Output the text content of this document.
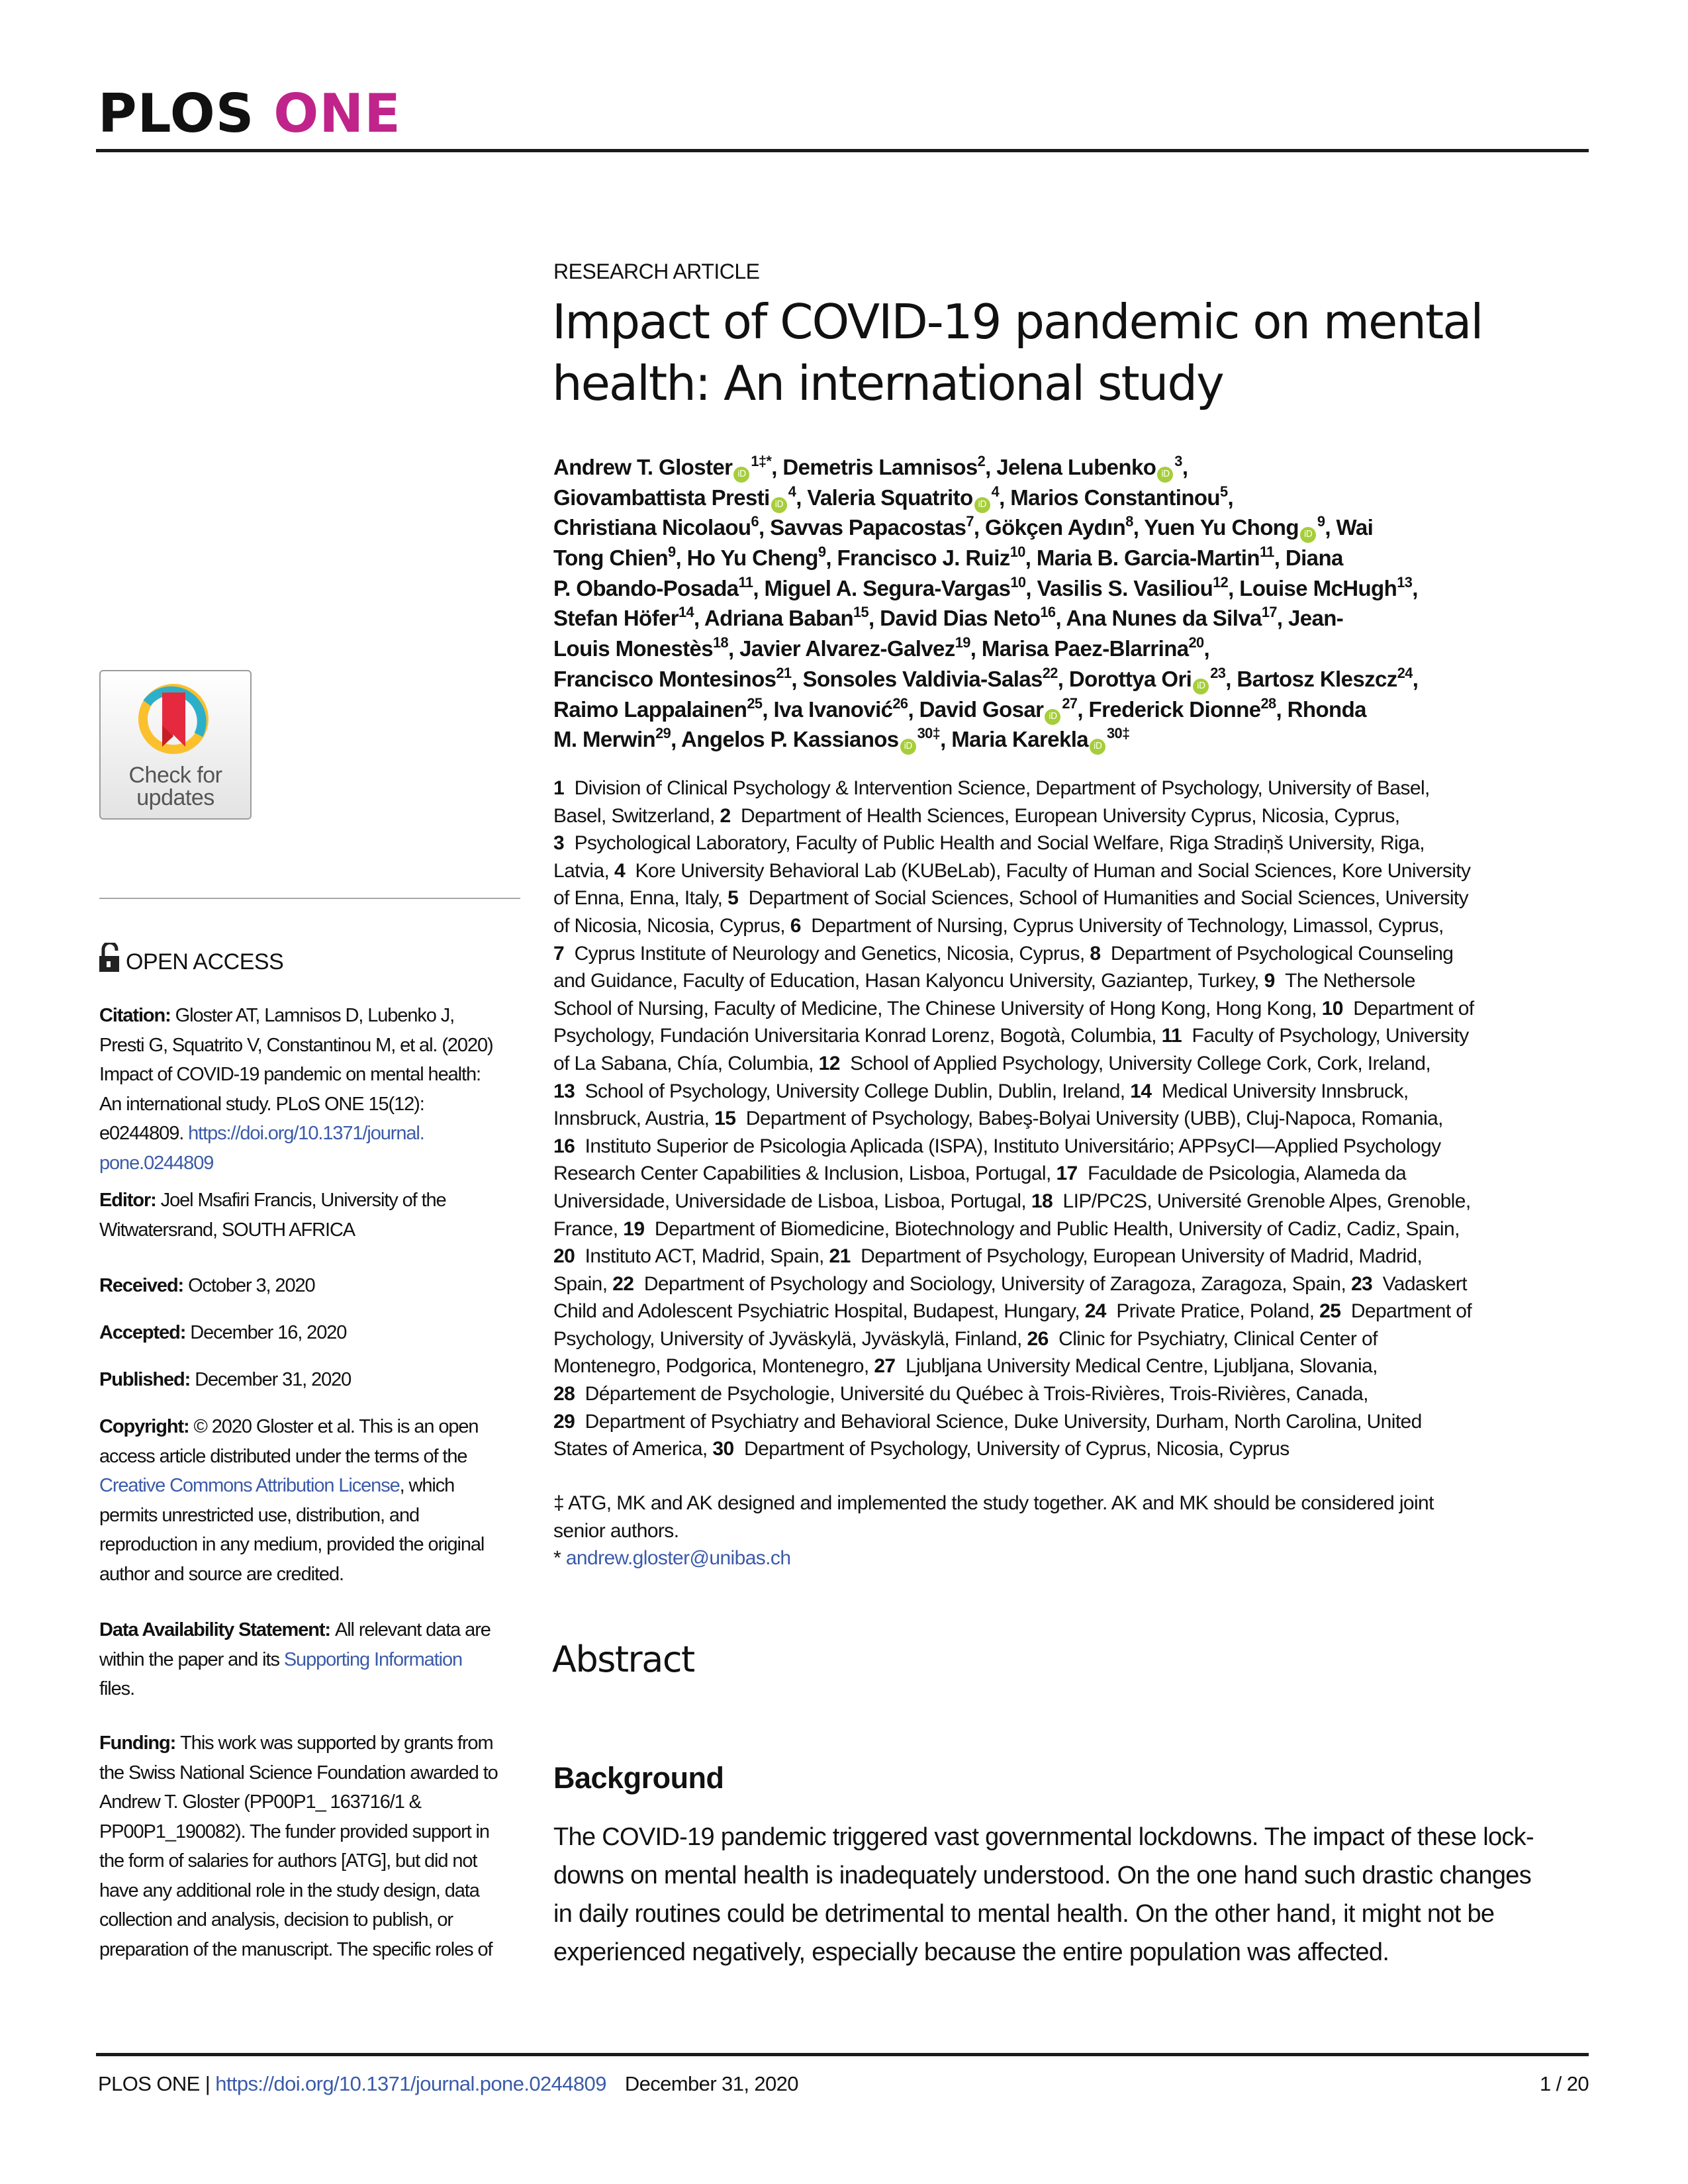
PLOS ONE
Check for
updates
OPEN ACCESS
Citation: Gloster AT, Lamnisos D, Lubenko J,
Presti G, Squatrito V, Constantinou M, et al. (2020)
Impact of COVID-19 pandemic on mental health:
An international study. PLoS ONE 15(12):
e0244809. https://doi.org/10.1371/journal.
pone.0244809
Editor: Joel Msafiri Francis, University of the
Witwatersrand, SOUTH AFRICA
Received: October 3, 2020
Accepted: December 16, 2020
Published: December 31, 2020
Copyright: © 2020 Gloster et al. This is an open
access article distributed under the terms of the
Creative Commons Attribution License, which
permits unrestricted use, distribution, and
reproduction in any medium, provided the original
author and source are credited.
Data Availability Statement: All relevant data are
within the paper and its Supporting Information
files.
Funding: This work was supported by grants from
the Swiss National Science Foundation awarded to
Andrew T. Gloster (PP00P1_ 163716/1 &
PP00P1_190082). The funder provided support in
the form of salaries for authors [ATG], but did not
have any additional role in the study design, data
collection and analysis, decision to publish, or
preparation of the manuscript. The specific roles of
RESEARCH ARTICLE
Impact of COVID-19 pandemic on mental
health: An international study
Andrew T. Gloster $iD^{1\ddagger*}$, Demetris Lamnisos$^2$, Jelena Lubenko $iD^3$,
Giovambattista Presti $iD^4$, Valeria Squatrito $iD^4$, Marios Constantinou$^5$,
Christiana Nicolaou$^6$, Savvas Papacostas$^7$, Gökçen Aydın$^8$, Yuen Yu Chong $iD^9$, Wai
Tong Chien$^9$, Ho Yu Cheng$^9$, Francisco J. Ruiz$^{10}$, Maria B. Garcia-Martin$^{11}$, Diana
P. Obando-Posada$^{11}$, Miguel A. Segura-Vargas$^{10}$, Vasilis S. Vasiliou$^{12}$, Louise McHugh$^{13}$,
Stefan Höfer$^{14}$, Adriana Baban$^{15}$, David Dias Neto$^{16}$, Ana Nunes da Silva$^{17}$, Jean-
Louis Monestès$^{18}$, Javier Alvarez-Galvez$^{19}$, Marisa Paez-Blarrina$^{20}$,
Francisco Montesinos$^{21}$, Sonsoles Valdivia-Salas$^{22}$, Dorottya Ori $iD^{23}$, Bartosz Kleszcz$^{24}$,
Raimo Lappalainen$^{25}$, Iva Ivanović$^{26}$, David Gosar $iD^{27}$, Frederick Dionne$^{28}$, Rhonda
M. Merwin$^{29}$, Angelos P. Kassianos $iD^{30\ddagger}$, Maria Karekla $iD^{30\ddagger}$
1  Division of Clinical Psychology & Intervention Science, Department of Psychology, University of Basel,
Basel, Switzerland, 2  Department of Health Sciences, European University Cyprus, Nicosia, Cyprus,
3  Psychological Laboratory, Faculty of Public Health and Social Welfare, Riga Stradiņš University, Riga,
Latvia, 4  Kore University Behavioral Lab (KUBeLab), Faculty of Human and Social Sciences, Kore University
of Enna, Enna, Italy, 5  Department of Social Sciences, School of Humanities and Social Sciences, University
of Nicosia, Nicosia, Cyprus, 6  Department of Nursing, Cyprus University of Technology, Limassol, Cyprus,
7  Cyprus Institute of Neurology and Genetics, Nicosia, Cyprus, 8  Department of Psychological Counseling
and Guidance, Faculty of Education, Hasan Kalyoncu University, Gaziantep, Turkey, 9  The Nethersole
School of Nursing, Faculty of Medicine, The Chinese University of Hong Kong, Hong Kong, 10  Department of
Psychology, Fundación Universitaria Konrad Lorenz, Bogotà, Columbia, 11  Faculty of Psychology, University
of La Sabana, Chía, Columbia, 12  School of Applied Psychology, University College Cork, Cork, Ireland,
13  School of Psychology, University College Dublin, Dublin, Ireland, 14  Medical University Innsbruck,
Innsbruck, Austria, 15  Department of Psychology, Babeş-Bolyai University (UBB), Cluj-Napoca, Romania,
16  Instituto Superior de Psicologia Aplicada (ISPA), Instituto Universitário; APPsyCI—Applied Psychology
Research Center Capabilities & Inclusion, Lisboa, Portugal, 17  Faculdade de Psicologia, Alameda da
Universidade, Universidade de Lisboa, Lisboa, Portugal, 18  LIP/PC2S, Université Grenoble Alpes, Grenoble,
France, 19  Department of Biomedicine, Biotechnology and Public Health, University of Cadiz, Cadiz, Spain,
20  Instituto ACT, Madrid, Spain, 21  Department of Psychology, European University of Madrid, Madrid,
Spain, 22  Department of Psychology and Sociology, University of Zaragoza, Zaragoza, Spain, 23  Vadaskert
Child and Adolescent Psychiatric Hospital, Budapest, Hungary, 24  Private Pratice, Poland, 25  Department of
Psychology, University of Jyväskylä, Jyväskylä, Finland, 26  Clinic for Psychiatry, Clinical Center of
Montenegro, Podgorica, Montenegro, 27  Ljubljana University Medical Centre, Ljubljana, Slovania,
28  Département de Psychologie, Université du Québec à Trois-Rivières, Trois-Rivières, Canada,
29  Department of Psychiatry and Behavioral Science, Duke University, Durham, North Carolina, United
States of America, 30  Department of Psychology, University of Cyprus, Nicosia, Cyprus
‡ ATG, MK and AK designed and implemented the study together. AK and MK should be considered joint
senior authors.
* andrew.gloster@unibas.ch
Abstract
Background
The COVID-19 pandemic triggered vast governmental lockdowns. The impact of these lock-
downs on mental health is inadequately understood. On the one hand such drastic changes
in daily routines could be detrimental to mental health. On the other hand, it might not be
experienced negatively, especially because the entire population was affected.
PLOS ONE | https://doi.org/10.1371/journal.pone.0244809 December 31, 2020	1 / 20
